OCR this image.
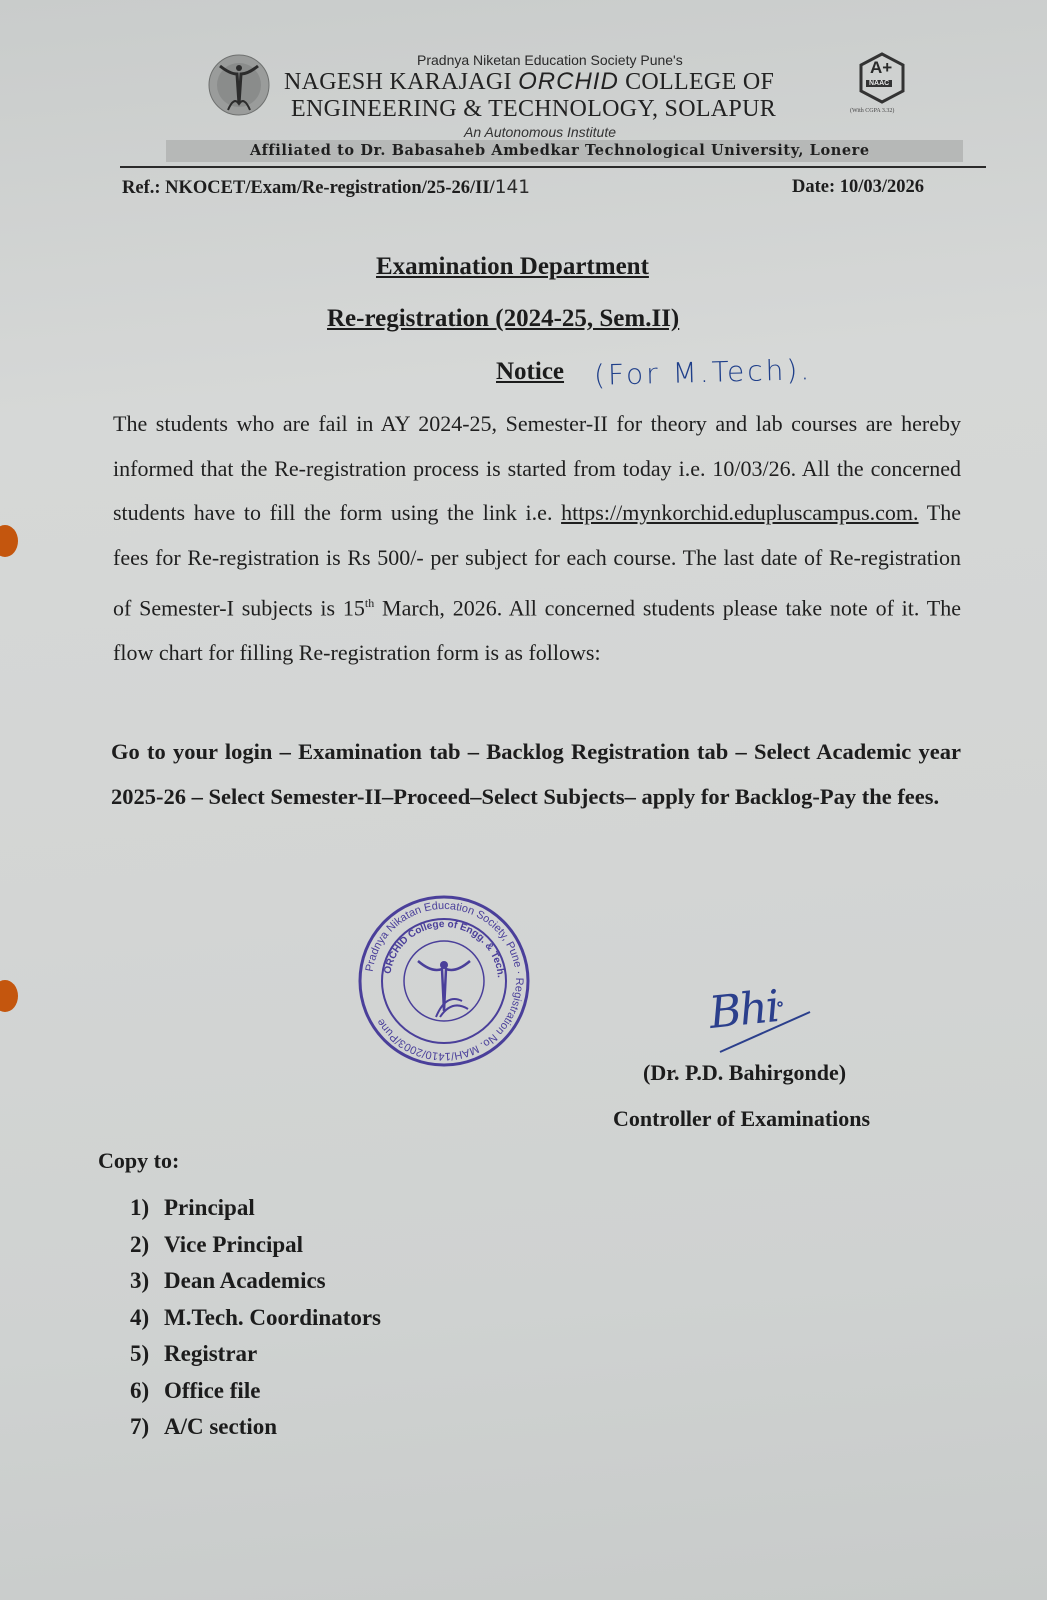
Pradnya Niketan Education Society Pune's
NAGESH KARAJAGI ORCHID COLLEGE OF
ENGINEERING & TECHNOLOGY, SOLAPUR
A+
NAAC
(With CGPA 3.32)
An Autonomous Institute
Affiliated to Dr. Babasaheb Ambedkar Technological University, Lonere
Ref.: NKOCET/Exam/Re-registration/25-26/II/141	Date: 10/03/2026
Examination Department
Re-registration (2024-25, Sem.II)
Notice (For M.Tech).
The students who are fail in AY 2024-25, Semester-II for theory and lab courses are hereby informed that the Re-registration process is started from today i.e. 10/03/26. All the concerned students have to fill the form using the link i.e. https://mynkorchid.edupluscampus.com. The fees for Re-registration is Rs 500/- per subject for each course. The last date of Re-registration of Semester-I subjects is 15th March, 2026. All concerned students please take note of it. The flow chart for filling Re-registration form is as follows:
Go to your login – Examination tab – Backlog Registration tab – Select Academic year 2025-26 – Select Semester-II–Proceed–Select Subjects– apply for Backlog-Pay the fees.
Pradnya Nikatan Education Society, Pune · Registration No. MAH/1410/2003/Pune
ORCHID College of Engg. & Tech.
Bhi
(Dr. P.D. Bahirgonde)
Controller of Examinations
Copy to:
1) Principal
2) Vice Principal
3) Dean Academics
4) M.Tech. Coordinators
5) Registrar
6) Office file
7) A/C section
